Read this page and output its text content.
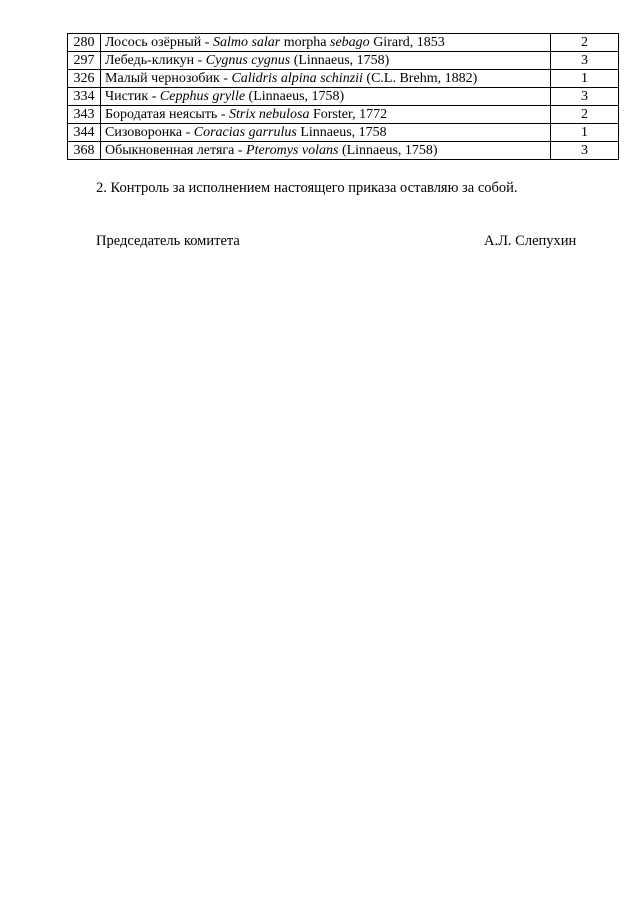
280	Лосось озёрный - Salmo salar morpha sebago Girard, 1853	2
297	Лебедь-кликун - Cygnus cygnus (Linnaeus, 1758)	3
326	Малый чернозобик - Calidris alpina schinzii (C.L. Brehm, 1882)	1
334	Чистик - Cepphus grylle (Linnaeus, 1758)	3
343	Бородатая неясыть - Strix nebulosa Forster, 1772	2
344	Сизоворонка - Coracias garrulus Linnaeus, 1758	1
368	Обыкновенная летяга - Pteromys volans (Linnaeus, 1758)	3
2. Контроль за исполнением настоящего приказа оставляю за собой.
Председатель комитета	А.Л. Слепухин
